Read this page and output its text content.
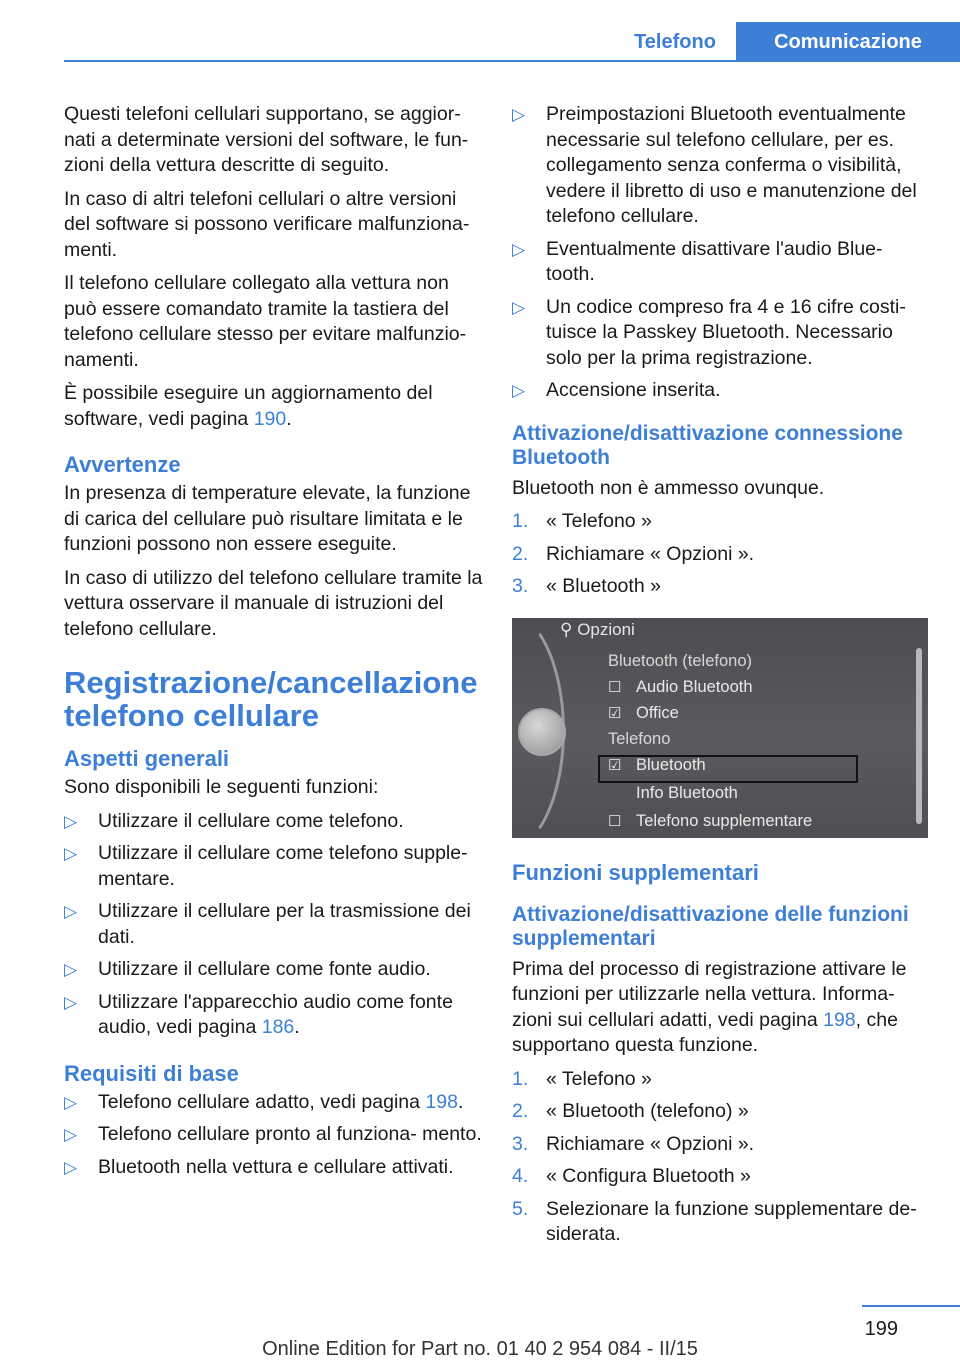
Telefono	Comunicazione

Questi telefoni cellulari supportano, se aggior‐ nati a determinate versioni del software, le fun‐ zioni della vettura descritte di seguito.

In caso di altri telefoni cellulari o altre versioni del software si possono verificare malfunziona‐ menti.

Il telefono cellulare collegato alla vettura non può essere comandato tramite la tastiera del telefono cellulare stesso per evitare malfunzio‐ namenti.

È possibile eseguire un aggiornamento del software, vedi pagina 190.

Avvertenze

In presenza di temperature elevate, la funzione di carica del cellulare può risultare limitata e le funzioni possono non essere eseguite.

In caso di utilizzo del telefono cellulare tramite la vettura osservare il manuale di istruzioni del telefono cellulare.

Registrazione/cancellazione telefono cellulare
Aspetti generali

Sono disponibili le seguenti funzioni:

▷ Utilizzare il cellulare come telefono.
▷ Utilizzare il cellulare come telefono supple‐ mentare.
▷ Utilizzare il cellulare per la trasmissione dei dati.
▷ Utilizzare il cellulare come fonte audio.
▷ Utilizzare l'apparecchio audio come fonte audio, vedi pagina 186.
Requisiti di base
▷ Telefono cellulare adatto, vedi pagina 198.
▷ Telefono cellulare pronto al funziona‐ mento.
▷ Bluetooth nella vettura e cellulare attivati.
▷ Preimpostazioni Bluetooth eventualmente necessarie sul telefono cellulare, per es. collegamento senza conferma o visibilità, vedere il libretto di uso e manutenzione del telefono cellulare.
▷ Eventualmente disattivare l'audio Blue‐ tooth.
▷ Un codice compreso fra 4 e 16 cifre costi‐ tuisce la Passkey Bluetooth. Necessario solo per la prima registrazione.
▷ Accensione inserita.
Attivazione/disattivazione connessione Bluetooth

Bluetooth non è ammesso ovunque.

1. « Telefono »
2. Richiamare « Opzioni ».
3. « Bluetooth »
⚲ Opzioni
Bluetooth (telefono)
☐ Audio Bluetooth
☑ Office
Telefono
☑ Bluetooth
Info Bluetooth
☐ Telefono supplementare
Funzioni supplementari
Attivazione/disattivazione delle funzioni supplementari

Prima del processo di registrazione attivare le funzioni per utilizzarle nella vettura. Informa‐ zioni sui cellulari adatti, vedi pagina 198, che supportano questa funzione.

1. « Telefono »
2. « Bluetooth (telefono) »
3. Richiamare « Opzioni ».
4. « Configura Bluetooth »
5. Selezionare la funzione supplementare de‐ siderata.
199
Online Edition for Part no. 01 40 2 954 084 - II/15
